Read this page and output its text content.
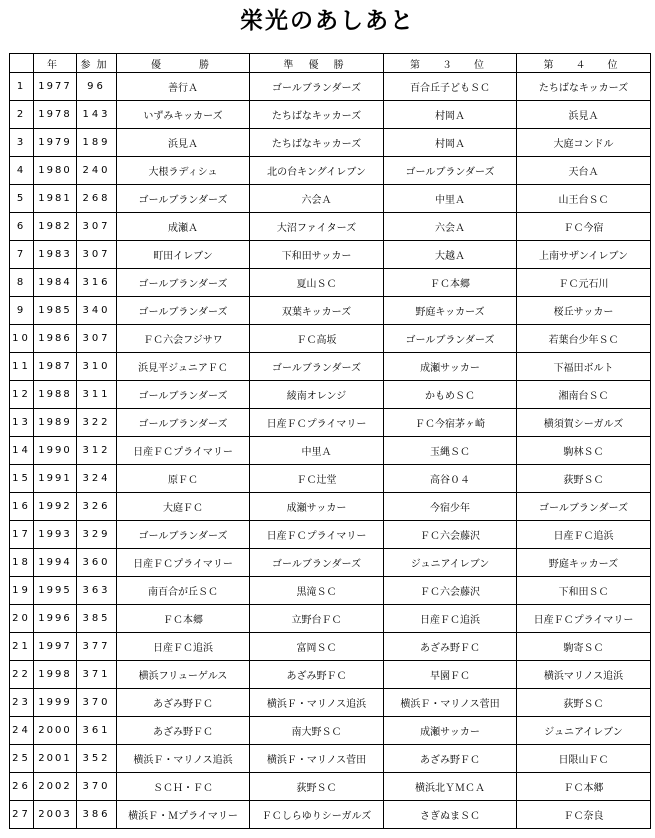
栄光のあしあと
	年	参加	優　　勝	準 優 勝	第　３　位	第　４　位
1	1977	96	善行Ａ	ゴールブランダーズ	百合丘子どもＳＣ	たちばなキッカーズ
2	1978	143	いずみキッカーズ	たちばなキッカーズ	村岡Ａ	浜見Ａ
3	1979	189	浜見Ａ	たちばなキッカーズ	村岡Ａ	大庭コンドル
4	1980	240	大根ラディシュ	北の台キングイレブン	ゴールブランダーズ	天台Ａ
5	1981	268	ゴールブランダーズ	六会Ａ	中里Ａ	山王台ＳＣ
6	1982	307	成瀬Ａ	大沼ファイターズ	六会Ａ	ＦＣ今宿
7	1983	307	町田イレブン	下和田サッカー	大越Ａ	上南サザンイレブン
8	1984	316	ゴールブランダーズ	夏山ＳＣ	ＦＣ本郷	ＦＣ元石川
9	1985	340	ゴールブランダーズ	双葉キッカーズ	野庭キッカーズ	桜丘サッカー
10	1986	307	ＦＣ六会フジサワ	ＦＣ高坂	ゴールブランダーズ	若葉台少年ＳＣ
11	1987	310	浜見平ジュニアＦＣ	ゴールブランダーズ	成瀬サッカー	下福田ボルト
12	1988	311	ゴールブランダーズ	綾南オレンジ	かもめＳＣ	湘南台ＳＣ
13	1989	322	ゴールブランダーズ	日産ＦＣプライマリー	ＦＣ今宿茅ヶ崎	横須賀シーガルズ
14	1990	312	日産ＦＣプライマリー	中里Ａ	玉縄ＳＣ	駒林ＳＣ
15	1991	324	原ＦＣ	ＦＣ辻堂	高谷０４	荻野ＳＣ
16	1992	326	大庭ＦＣ	成瀬サッカー	今宿少年	ゴールブランダーズ
17	1993	329	ゴールブランダーズ	日産ＦＣプライマリー	ＦＣ六会藤沢	日産ＦＣ追浜
18	1994	360	日産ＦＣプライマリー	ゴールブランダーズ	ジュニアイレブン	野庭キッカーズ
19	1995	363	南百合が丘ＳＣ	黒滝ＳＣ	ＦＣ六会藤沢	下和田ＳＣ
20	1996	385	ＦＣ本郷	立野台ＦＣ	日産ＦＣ追浜	日産ＦＣプライマリー
21	1997	377	日産ＦＣ追浜	富岡ＳＣ	あざみ野ＦＣ	駒寄ＳＣ
22	1998	371	横浜フリューゲルス	あざみ野ＦＣ	早園ＦＣ	横浜マリノス追浜
23	1999	370	あざみ野ＦＣ	横浜Ｆ・マリノス追浜	横浜Ｆ・マリノス菅田	荻野ＳＣ
24	2000	361	あざみ野ＦＣ	南大野ＳＣ	成瀬サッカー	ジュニアイレブン
25	2001	352	横浜Ｆ・マリノス追浜	横浜Ｆ・マリノス菅田	あざみ野ＦＣ	日限山ＦＣ
26	2002	370	ＳＣＨ・ＦＣ	荻野ＳＣ	横浜北ＹＭＣＡ	ＦＣ本郷
27	2003	386	横浜Ｆ・Ｍプライマリー	ＦＣしらゆりシーガルズ	さぎぬまＳＣ	ＦＣ奈良
